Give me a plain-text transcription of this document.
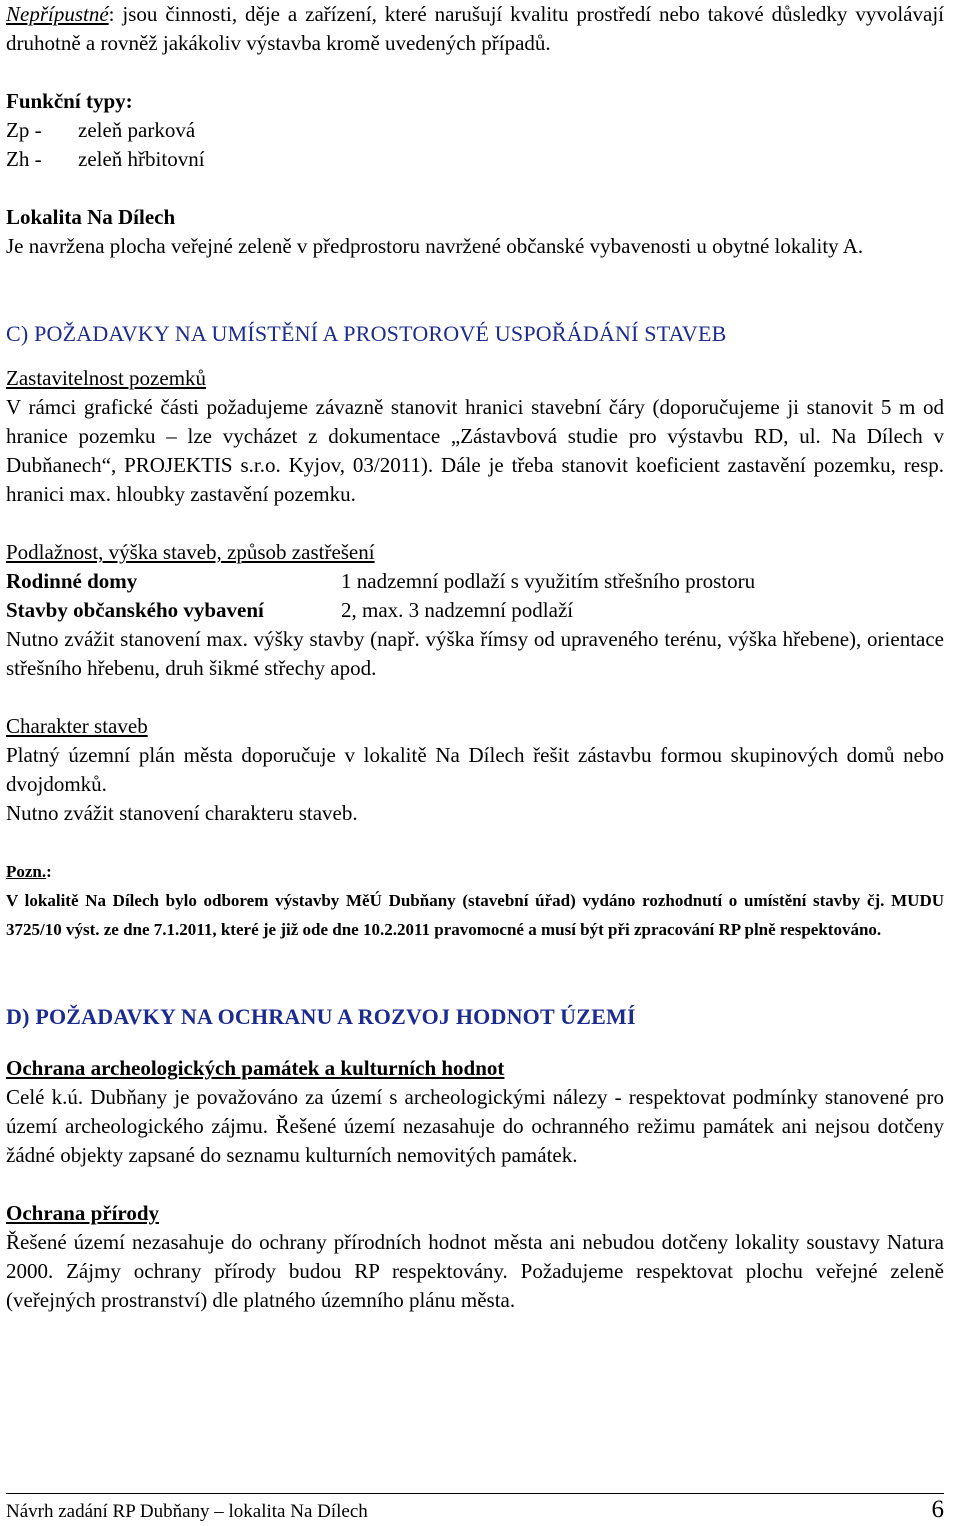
Nepřípustné: jsou činnosti, děje a zařízení, které narušují kvalitu prostředí nebo takové důsledky vyvolávají druhotně a rovněž jakákoliv výstavba kromě uvedených případů.

Funkční typy:

Zp -	zeleň parková
Zh -	zeleň hřbitovní

Lokalita Na Dílech

Je navržena plocha veřejné zeleně v předprostoru navržené občanské vybavenosti u obytné lokality A.

C) POŽADAVKY NA UMÍSTĚNÍ A PROSTOROVÉ USPOŘÁDÁNÍ STAVEB

Zastavitelnost pozemků

V rámci grafické části požadujeme závazně stanovit hranici stavební čáry (doporučujeme ji stanovit 5 m od hranice pozemku – lze vycházet z dokumentace „Zástavbová studie pro výstavbu RD, ul. Na Dílech v Dubňanech“, PROJEKTIS s.r.o. Kyjov, 03/2011). Dále je třeba stanovit koeficient zastavění pozemku, resp. hranici max. hloubky zastavění pozemku.

Podlažnost, výška staveb, způsob zastřešení

Rodinné domy	1 nadzemní podlaží s využitím střešního prostoru
Stavby občanského vybavení	2, max. 3 nadzemní podlaží

Nutno zvážit stanovení max. výšky stavby (např. výška římsy od upraveného terénu, výška hřebene), orientace střešního hřebenu, druh šikmé střechy apod.

Charakter staveb

Platný územní plán města doporučuje v lokalitě Na Dílech řešit zástavbu formou skupinových domů nebo dvojdomků.

Nutno zvážit stanovení charakteru staveb.

Pozn.:

V lokalitě Na Dílech bylo odborem výstavby MěÚ Dubňany (stavební úřad) vydáno rozhodnutí o umístění stavby čj. MUDU 3725/10 výst. ze dne 7.1.2011, které je již ode dne 10.2.2011 pravomocné a musí být při zpracování RP plně respektováno.

D) POŽADAVKY NA OCHRANU A ROZVOJ HODNOT ÚZEMÍ

Ochrana archeologických památek a kulturních hodnot

Celé k.ú. Dubňany je považováno za území s archeologickými nálezy - respektovat podmínky stanovené pro území archeologického zájmu. Řešené území nezasahuje do ochranného režimu památek ani nejsou dotčeny žádné objekty zapsané do seznamu kulturních nemovitých památek.

Ochrana přírody

Řešené území nezasahuje do ochrany přírodních hodnot města ani nebudou dotčeny lokality soustavy Natura 2000. Zájmy ochrany přírody budou RP respektovány. Požadujeme respektovat plochu veřejné zeleně (veřejných prostranství) dle platného územního plánu města.

Návrh zadání RP Dubňany – lokalita Na Dílech	6
